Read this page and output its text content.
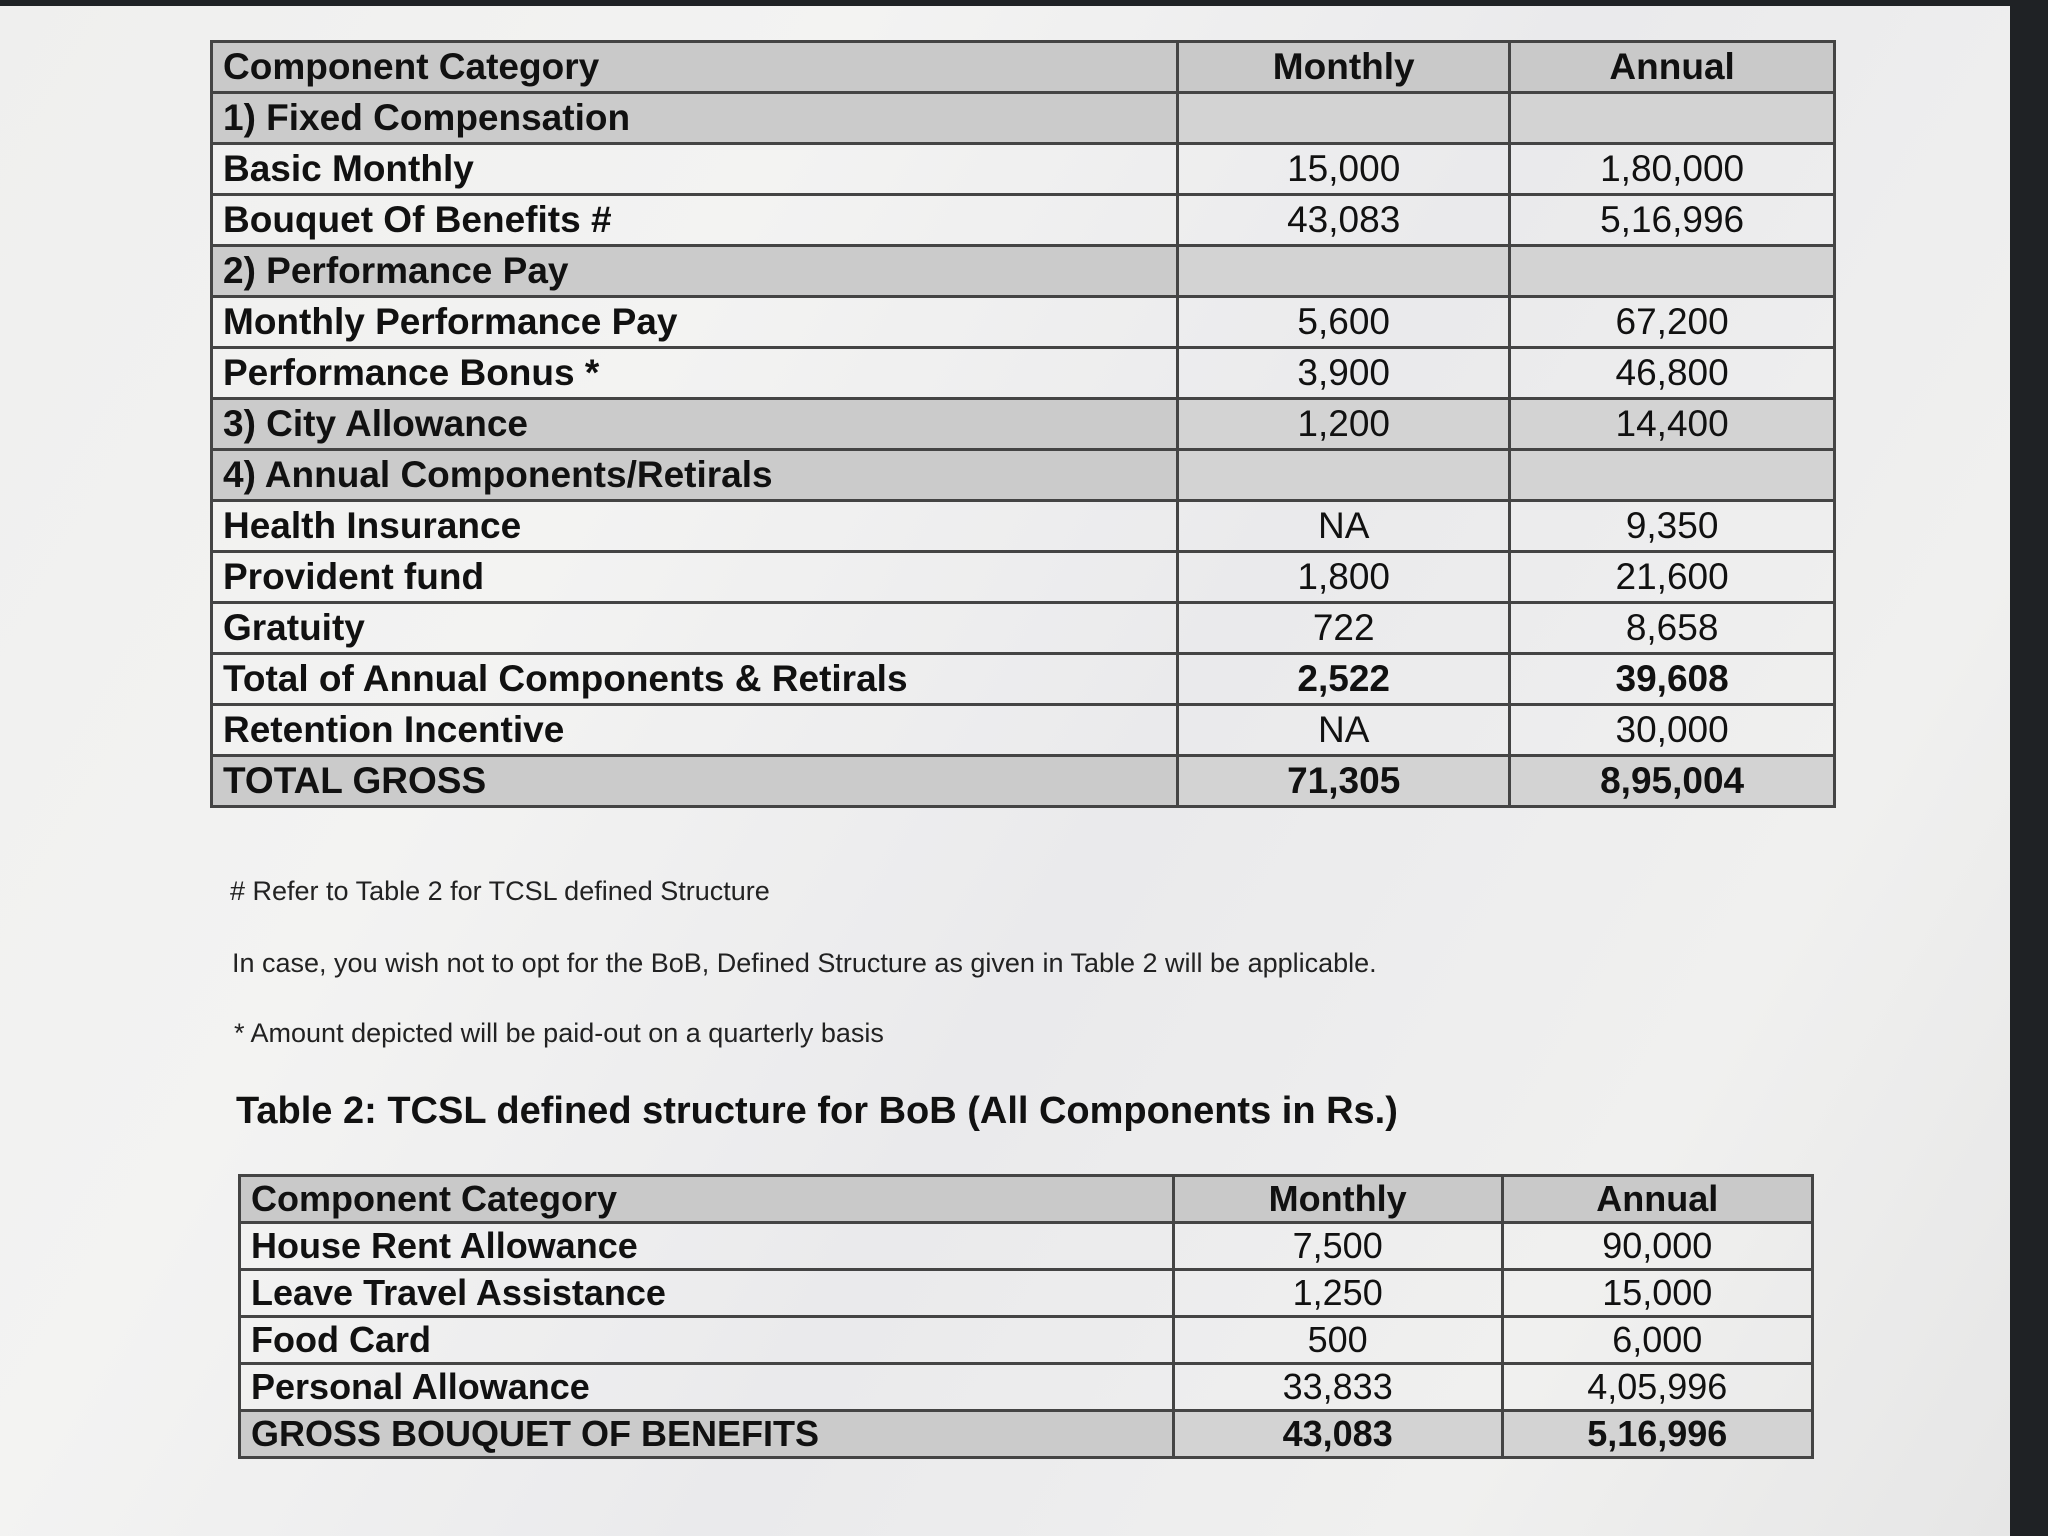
Component Category	Monthly	Annual
1) Fixed Compensation		
Basic Monthly	15,000	1,80,000
Bouquet Of Benefits #	43,083	5,16,996
2) Performance Pay		
Monthly Performance Pay	5,600	67,200
Performance Bonus *	3,900	46,800
3) City Allowance	1,200	14,400
4) Annual Components/Retirals		
Health Insurance	NA	9,350
Provident fund	1,800	21,600
Gratuity	722	8,658
Total of Annual Components & Retirals	2,522	39,608
Retention Incentive	NA	30,000
TOTAL GROSS	71,305	8,95,004
# Refer to Table 2 for TCSL defined Structure
In case, you wish not to opt for the BoB, Defined Structure as given in Table 2 will be applicable.
* Amount depicted will be paid-out on a quarterly basis
Table 2: TCSL defined structure for BoB (All Components in Rs.)
Component Category	Monthly	Annual
House Rent Allowance	7,500	90,000
Leave Travel Assistance	1,250	15,000
Food Card	500	6,000
Personal Allowance	33,833	4,05,996
GROSS BOUQUET OF BENEFITS	43,083	5,16,996
